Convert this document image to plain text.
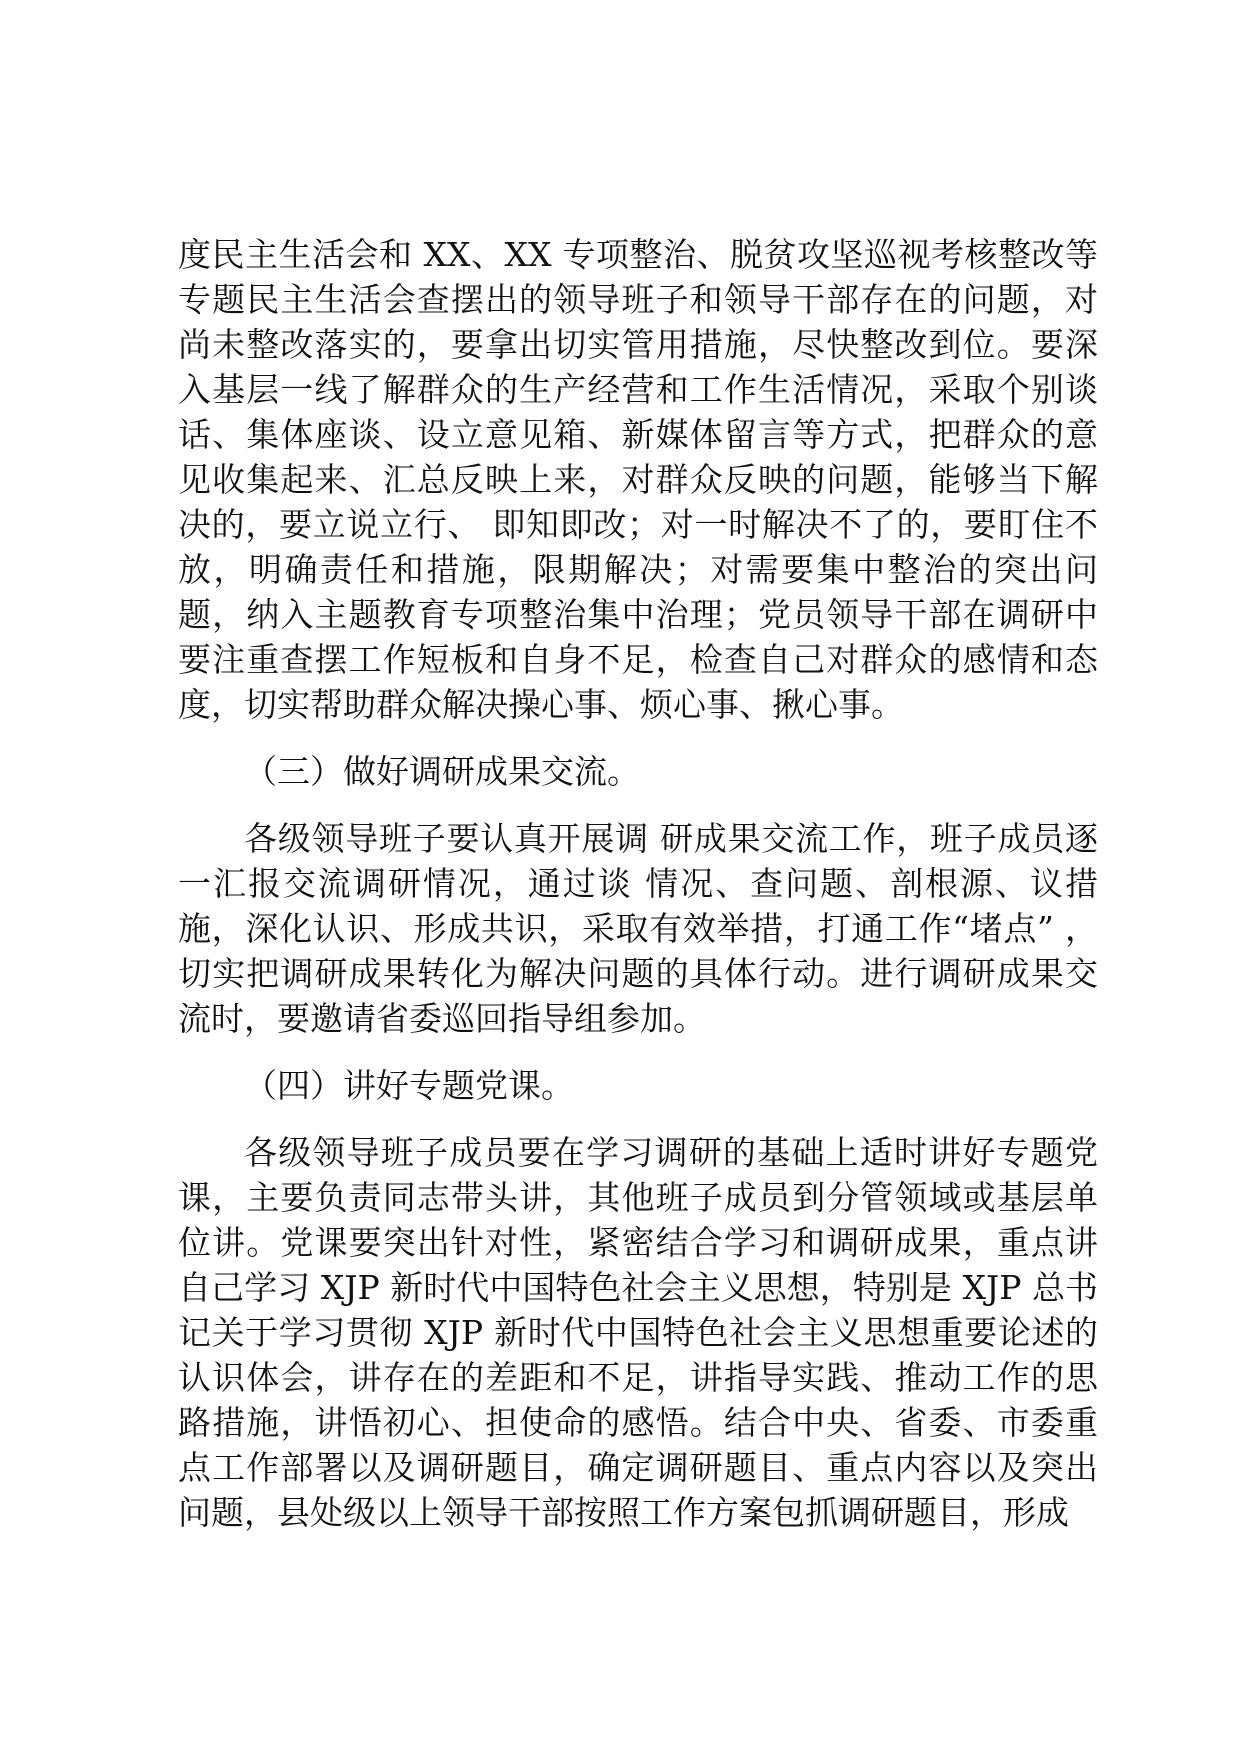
度民主生活会和 XX、XX 专项整治、脱贫攻坚巡视考核整改等专题民主生活会查摆出的领导班子和领导干部存在的问题，对尚未整改落实的，要拿出切实管用措施，尽快整改到位。要深入基层一线了解群众的生产经营和工作生活情况，采取个别谈话、集体座谈、设立意见箱、新媒体留言等方式，把群众的意见收集起来、汇总反映上来，对群众反映的问题，能够当下解决的，要立说立行、 即知即改；对一时解决不了的，要盯住不放，明确责任和措施，限期解决；对需要集中整治的突出问题，纳入主题教育专项整治集中治理；党员领导干部在调研中要注重查摆工作短板和自身不足，检查自己对群众的感情和态度，切实帮助群众解决操心事、烦心事、揪心事。

（三）做好调研成果交流。

各级领导班子要认真开展调 研成果交流工作，班子成员逐一汇报交流调研情况，通过谈 情况、查问题、剖根源、议措施，深化认识、形成共识，采取有效举措，打通工作“堵点” ，切实把调研成果转化为解决问题的具体行动。进行调研成果交流时，要邀请省委巡回指导组参加。

（四）讲好专题党课。

各级领导班子成员要在学习调研的基础上适时讲好专题党课，主要负责同志带头讲，其他班子成员到分管领域或基层单位讲。党课要突出针对性，紧密结合学习和调研成果，重点讲自己学习 XJP 新时代中国特色社会主义思想，特别是 XJP 总书记关于学习贯彻 XJP 新时代中国特色社会主义思想重要论述的认识体会，讲存在的差距和不足，讲指导实践、推动工作的思路措施，讲悟初心、担使命的感悟。结合中央、省委、市委重点工作部署以及调研题目，确定调研题目、重点内容以及突出问题，县处级以上领导干部按照工作方案包抓调研题目，形成
